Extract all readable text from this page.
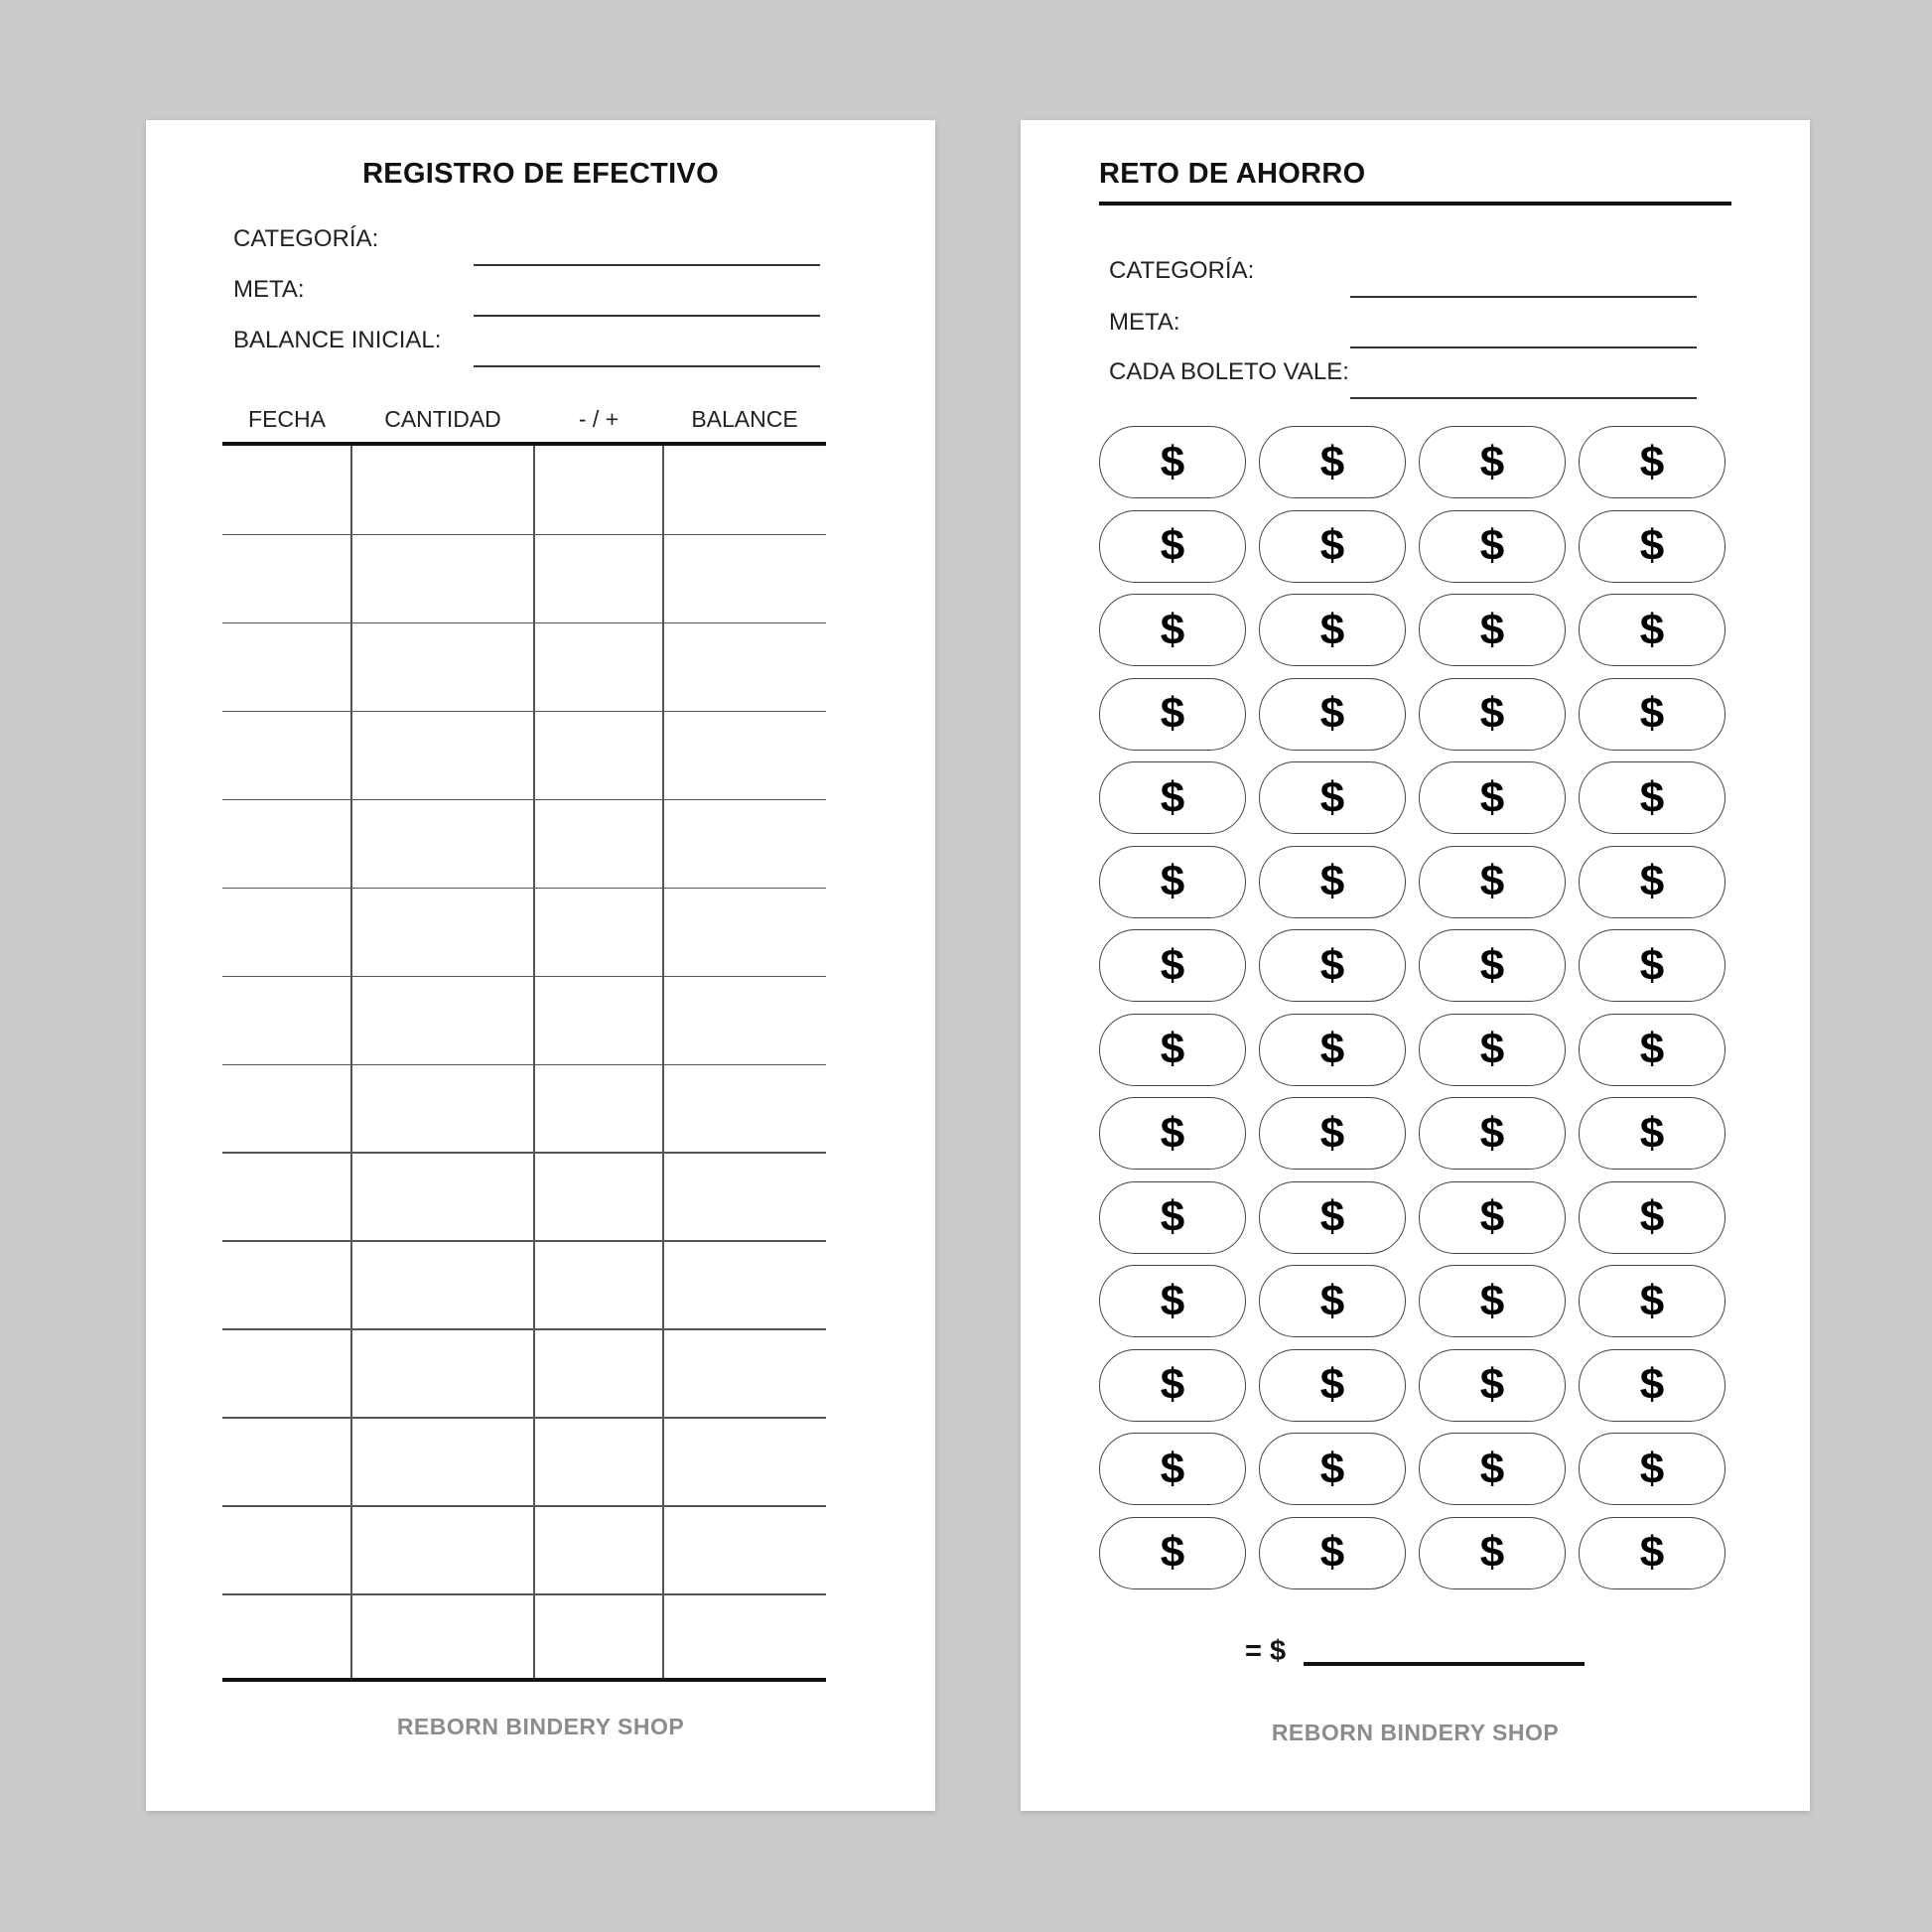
REGISTRO DE EFECTIVO
CATEGORÍA:
META:
BALANCE INICIAL:
FECHA	CANTIDAD	- / +	BALANCE
REBORN BINDERY SHOP
RETO DE AHORRO
CATEGORÍA:
META:
CADA BOLETO VALE:
$	$	$	$
$	$	$	$
$	$	$	$
$	$	$	$
$	$	$	$
$	$	$	$
$	$	$	$
$	$	$	$
$	$	$	$
$	$	$	$
$	$	$	$
$	$	$	$
$	$	$	$
$	$	$	$
= $
REBORN BINDERY SHOP
